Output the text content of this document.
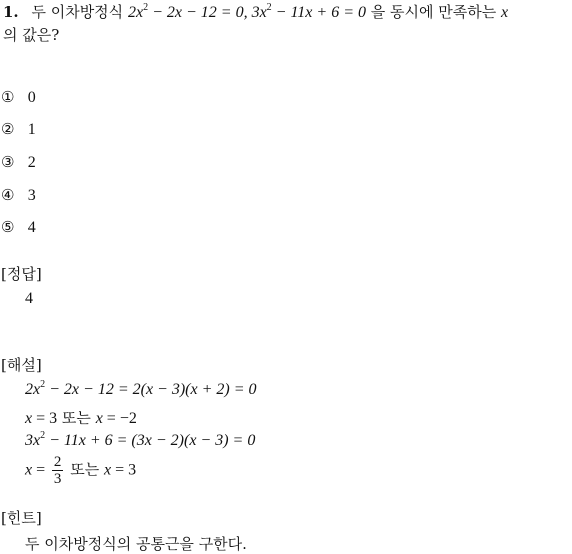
1. 두 이차방정식 $2x^2 - 2x - 12 = 0$, $3x^2 - 11x + 6 = 0$ 을 동시에 만족하는 x
의 값은?
① 0
② 1
③ 2
④ 3
⑤ 4
[정답]
4
[해설]
$2x^2 - 2x - 12 = 2(x - 3)(x + 2) = 0$
x = 3 또는 x = −2
$3x^2 - 11x + 6 = (3x - 2)(x - 3) = 0$
$x = \frac{2}{3}$ 또는 x = 3
[힌트]
두 이차방정식의 공통근을 구한다.
